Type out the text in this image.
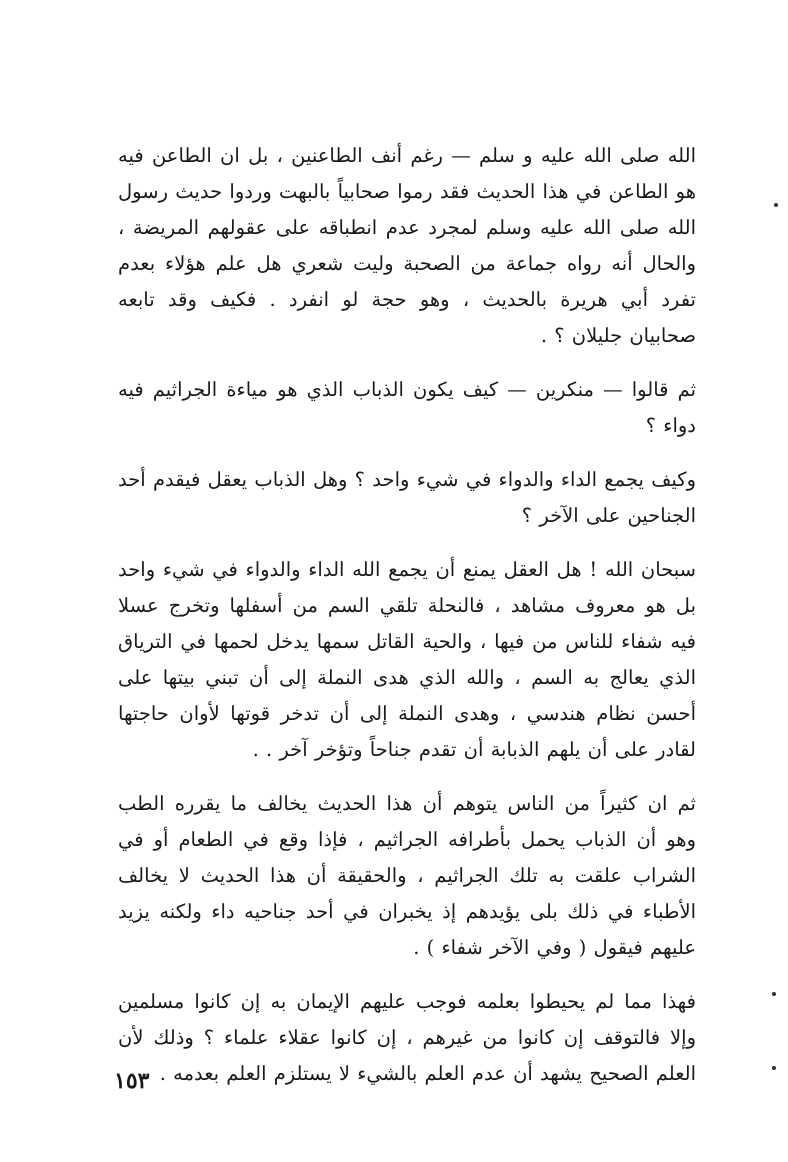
الله صلى الله عليه و سلم — رغم أنف الطاعنين ، بل ان الطاعن فيه هو الطاعن في هذا الحديث فقد رموا صحابياً بالبهت وردوا حديث رسول الله صلى الله عليه وسلم لمجرد عدم انطباقه على عقولهم المريضة ، والحال أنه رواه جماعة من الصحبة وليت شعري هل علم هؤلاء بعدم تفرد أبي هريرة بالحديث ، وهو حجة لو انفرد . فكيف وقد تابعه صحابيان جليلان ؟ .

ثم قالوا — منكرين — كيف يكون الذباب الذي هو مياءة الجراثيم فيه دواء ؟

وكيف يجمع الداء والدواء في شيء واحد ؟ وهل الذباب يعقل فيقدم أحد الجناحين على الآخر ؟

سبحان الله ! هل العقل يمنع أن يجمع الله الداء والدواء في شيء واحد بل هو معروف مشاهد ، فالنحلة تلقي السم من أسفلها وتخرج عسلا فيه شفاء للناس من فيها ، والحية القاتل سمها يدخل لحمها في الترياق الذي يعالج به السم ، والله الذي هدى النملة إلى أن تبني بيتها على أحسن نظام هندسي ، وهدى النملة إلى أن تدخر قوتها لأوان حاجتها لقادر على أن يلهم الذبابة أن تقدم جناحاً وتؤخر آخر . .

ثم ان كثيراً من الناس يتوهم أن هذا الحديث يخالف ما يقرره الطب وهو أن الذباب يحمل بأطرافه الجراثيم ، فإذا وقع في الطعام أو في الشراب علقت به تلك الجراثيم ، والحقيقة أن هذا الحديث لا يخالف الأطباء في ذلك بلى يؤيدهم إذ يخبران في أحد جناحيه داء ولكنه يزيد عليهم فيقول ( وفي الآخر شفاء ) .

فهذا مما لم يحيطوا بعلمه فوجب عليهم الإيمان به إن كانوا مسلمين وإلا فالتوقف إن كانوا من غيرهم ، إن كانوا عقلاء علماء ؟ وذلك لأن العلم الصحيح يشهد أن عدم العلم بالشيء لا يستلزم العلم بعدمه .

١٥٣
